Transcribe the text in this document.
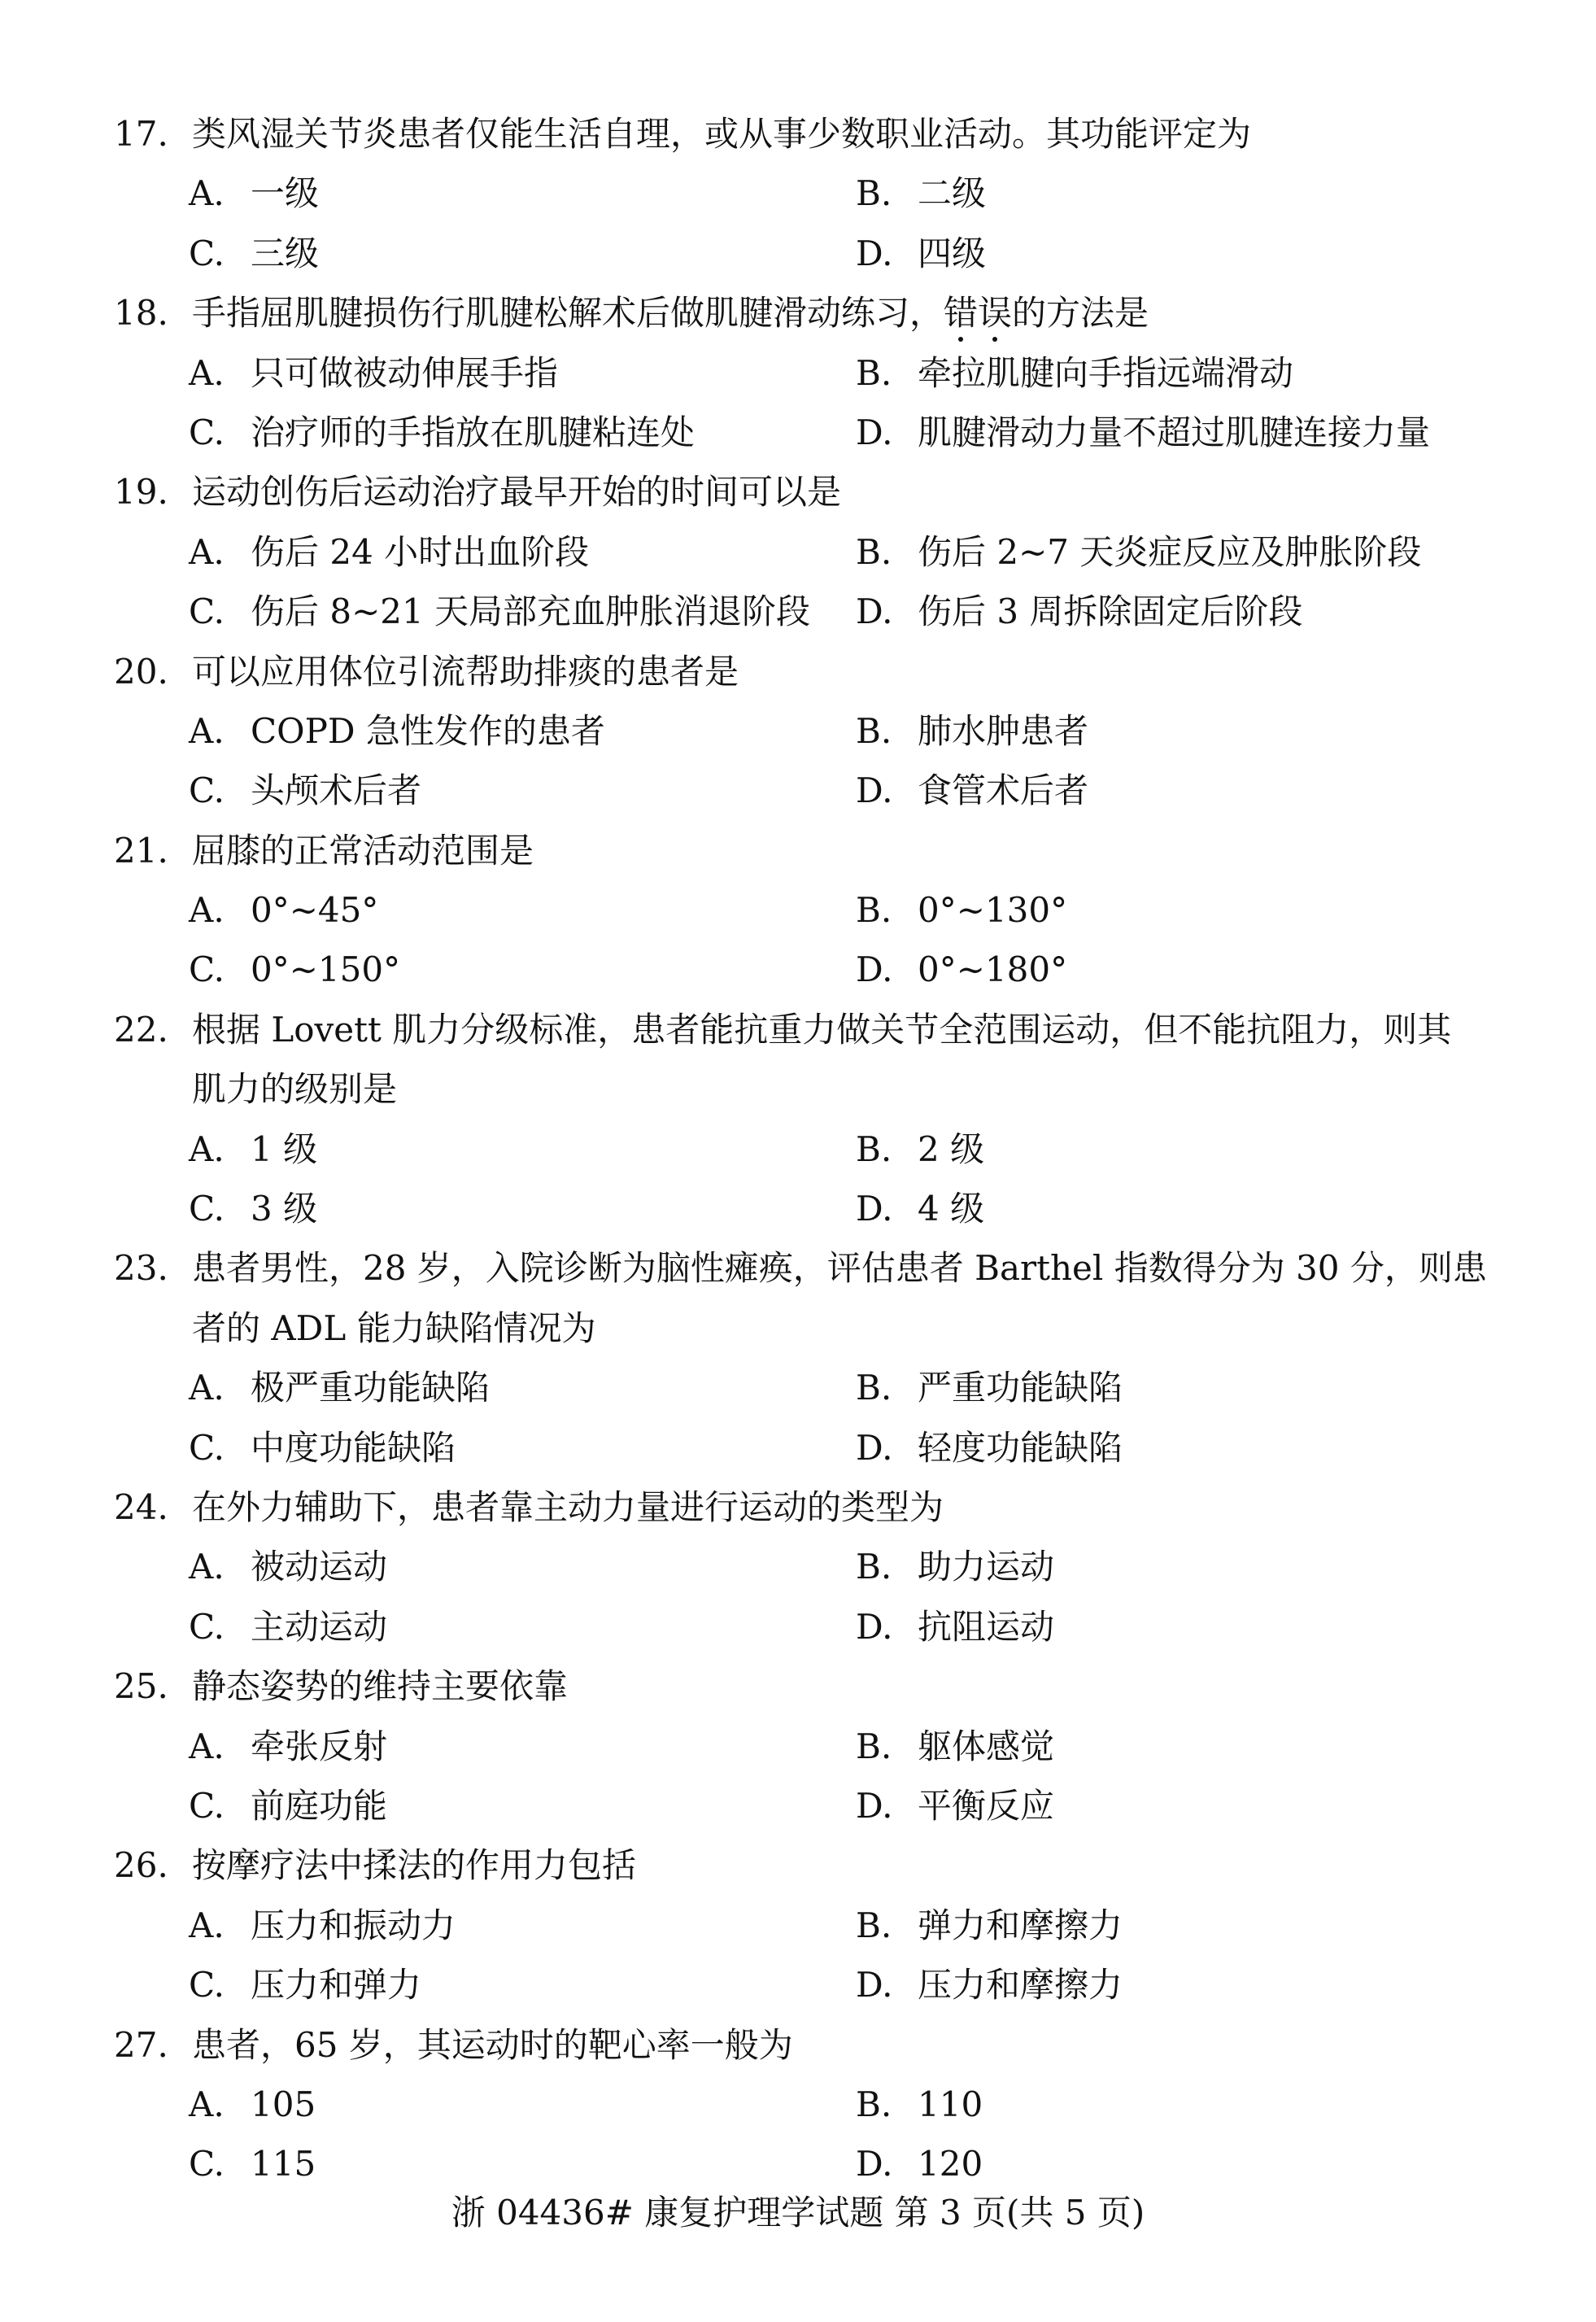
17. 类风湿关节炎患者仅能生活自理，或从事少数职业活动。其功能评定为
A. 一级	B. 二级
C. 三级	D. 四级
18. 手指屈肌腱损伤行肌腱松解术后做肌腱滑动练习，错误的方法是
A. 只可做被动伸展手指	B. 牵拉肌腱向手指远端滑动
C. 治疗师的手指放在肌腱粘连处	D. 肌腱滑动力量不超过肌腱连接力量
19. 运动创伤后运动治疗最早开始的时间可以是
A. 伤后 24 小时出血阶段	B. 伤后 2~7 天炎症反应及肿胀阶段
C. 伤后 8~21 天局部充血肿胀消退阶段 D. 伤后 3 周拆除固定后阶段
20. 可以应用体位引流帮助排痰的患者是
A. COPD 急性发作的患者	B. 肺水肿患者
C. 头颅术后者	D. 食管术后者
21. 屈膝的正常活动范围是
A. 0°~45°	B. 0°~130°
C. 0°~150°	D. 0°~180°
22. 根据 Lovett 肌力分级标准，患者能抗重力做关节全范围运动，但不能抗阻力，则其
肌力的级别是
A. 1 级	B. 2 级
C. 3 级	D. 4 级
23. 患者男性，28 岁，入院诊断为脑性瘫痪，评估患者 Barthel 指数得分为 30 分，则患
者的 ADL 能力缺陷情况为
A. 极严重功能缺陷	B. 严重功能缺陷
C. 中度功能缺陷	D. 轻度功能缺陷
24. 在外力辅助下，患者靠主动力量进行运动的类型为
A. 被动运动	B. 助力运动
C. 主动运动	D. 抗阻运动
25. 静态姿势的维持主要依靠
A. 牵张反射	B. 躯体感觉
C. 前庭功能	D. 平衡反应
26. 按摩疗法中揉法的作用力包括
A. 压力和振动力	B. 弹力和摩擦力
C. 压力和弹力	D. 压力和摩擦力
27. 患者，65 岁，其运动时的靶心率一般为
A. 105	B. 110
C. 115	D. 120
浙 04436# 康复护理学试题 第 3 页(共 5 页)
